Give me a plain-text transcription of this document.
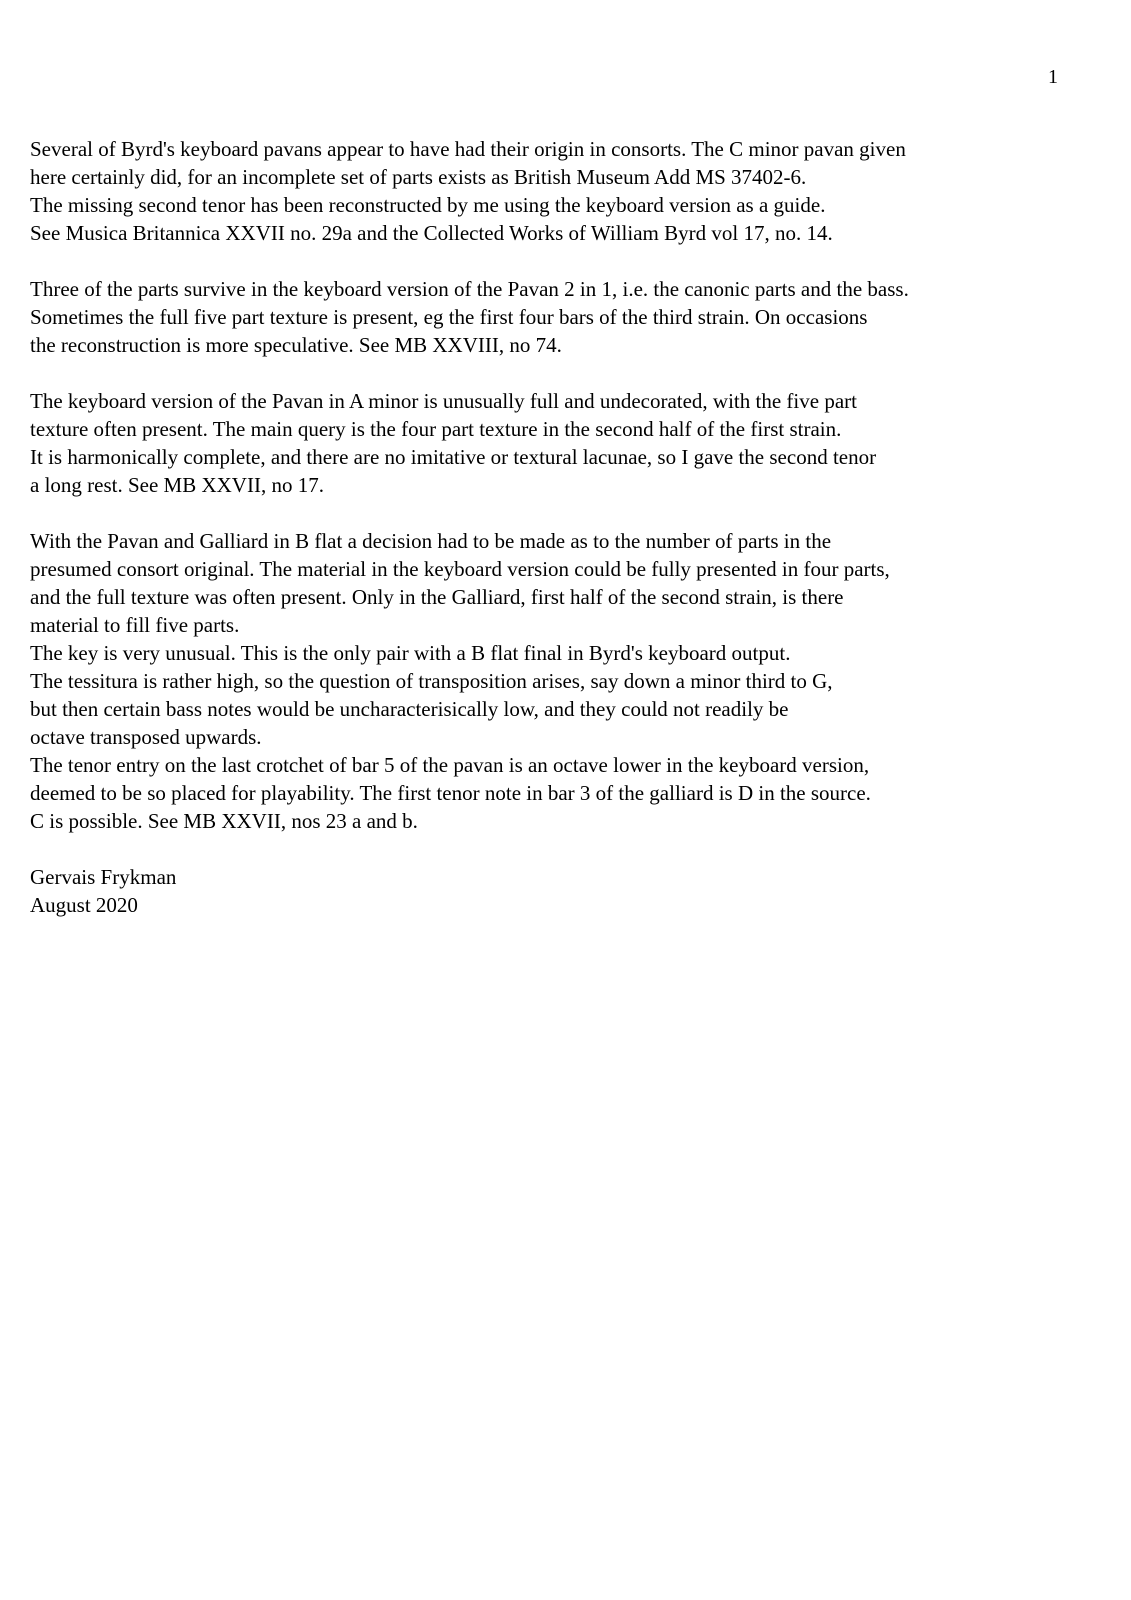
1
Several of Byrd's keyboard pavans appear to have had their origin in consorts. The C minor pavan given
here certainly did, for an incomplete set of parts exists as British Museum Add MS 37402-6.
The missing second tenor has been reconstructed by me using the keyboard version as a guide.
See Musica Britannica XXVII no. 29a and the Collected Works of William Byrd vol 17, no. 14.
Three of the parts survive in the keyboard version of the Pavan 2 in 1, i.e. the canonic parts and the bass.
Sometimes the full five part texture is present, eg the first four bars of the third strain. On occasions
the reconstruction is more speculative. See MB XXVIII, no 74.
The keyboard version of the Pavan in A minor is unusually full and undecorated, with the five part
texture often present. The main query is the four part texture in the second half of the first strain.
It is harmonically complete, and there are no imitative or textural lacunae, so I gave the second tenor
a long rest. See MB XXVII, no 17.
With the Pavan and Galliard in B flat a decision had to be made as to the number of parts in the
presumed consort original. The material in the keyboard version could be fully presented in four parts,
and the full texture was often present. Only in the Galliard, first half of the second strain, is there
material to fill five parts.
The key is very unusual. This is the only pair with a B flat final in Byrd's keyboard output.
The tessitura is rather high, so the question of transposition arises, say down a minor third to G,
but then certain bass notes would be uncharacterisically low, and they could not readily be
octave transposed upwards.
The tenor entry on the last crotchet of bar 5 of the pavan is an octave lower in the keyboard version,
deemed to be so placed for playability. The first tenor note in bar 3 of the galliard is D in the source.
C is possible. See MB XXVII, nos 23 a and b.
Gervais Frykman
August 2020
